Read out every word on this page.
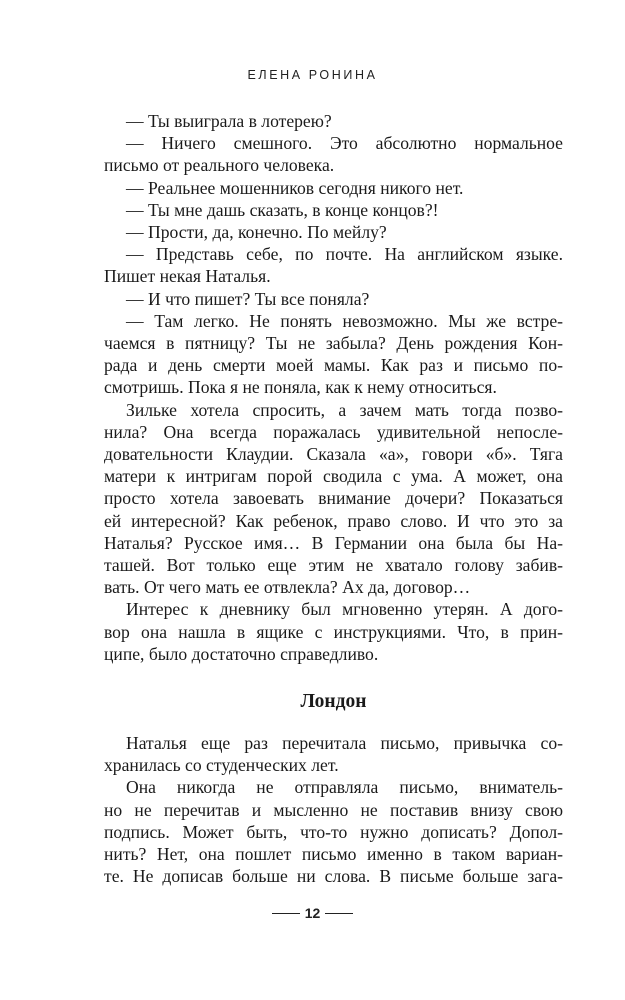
ЕЛЕНА РОНИНА

— Ты выиграла в лотерею?

— Ничего смешного. Это абсолютно нормальное

письмо от реального человека.

— Реальнее мошенников сегодня никого нет.

— Ты мне дашь сказать, в конце концов?!

— Прости, да, конечно. По мейлу?

— Представь себе, по почте. На английском языке.

Пишет некая Наталья.

— И что пишет? Ты все поняла?

— Там легко. Не понять невозможно. Мы же встре-

чаемся в пятницу? Ты не забыла? День рождения Кон-

рада и день смерти моей мамы. Как раз и письмо по-

смотришь. Пока я не поняла, как к нему относиться.

Зильке хотела спросить, а зачем мать тогда позво-

нила? Она всегда поражалась удивительной непосле-

довательности Клаудии. Сказала «а», говори «б». Тяга

матери к интригам порой сводила с ума. А может, она

просто хотела завоевать внимание дочери? Показаться

ей интересной? Как ребенок, право слово. И что это за

Наталья? Русское имя… В Германии она была бы На-

ташей. Вот только еще этим не хватало голову забив-

вать. От чего мать ее отвлекла? Ах да, договор…

Интерес к дневнику был мгновенно утерян. А дого-

вор она нашла в ящике с инструкциями. Что, в прин-

ципе, было достаточно справедливо.

Лондон

Наталья еще раз перечитала письмо, привычка со-

хранилась со студенческих лет.

Она никогда не отправляла письмо, вниматель-

но не перечитав и мысленно не поставив внизу свою

подпись. Может быть, что-то нужно дописать? Допол-

нить? Нет, она пошлет письмо именно в таком вариан-

те. Не дописав больше ни слова. В письме больше зага-

12
